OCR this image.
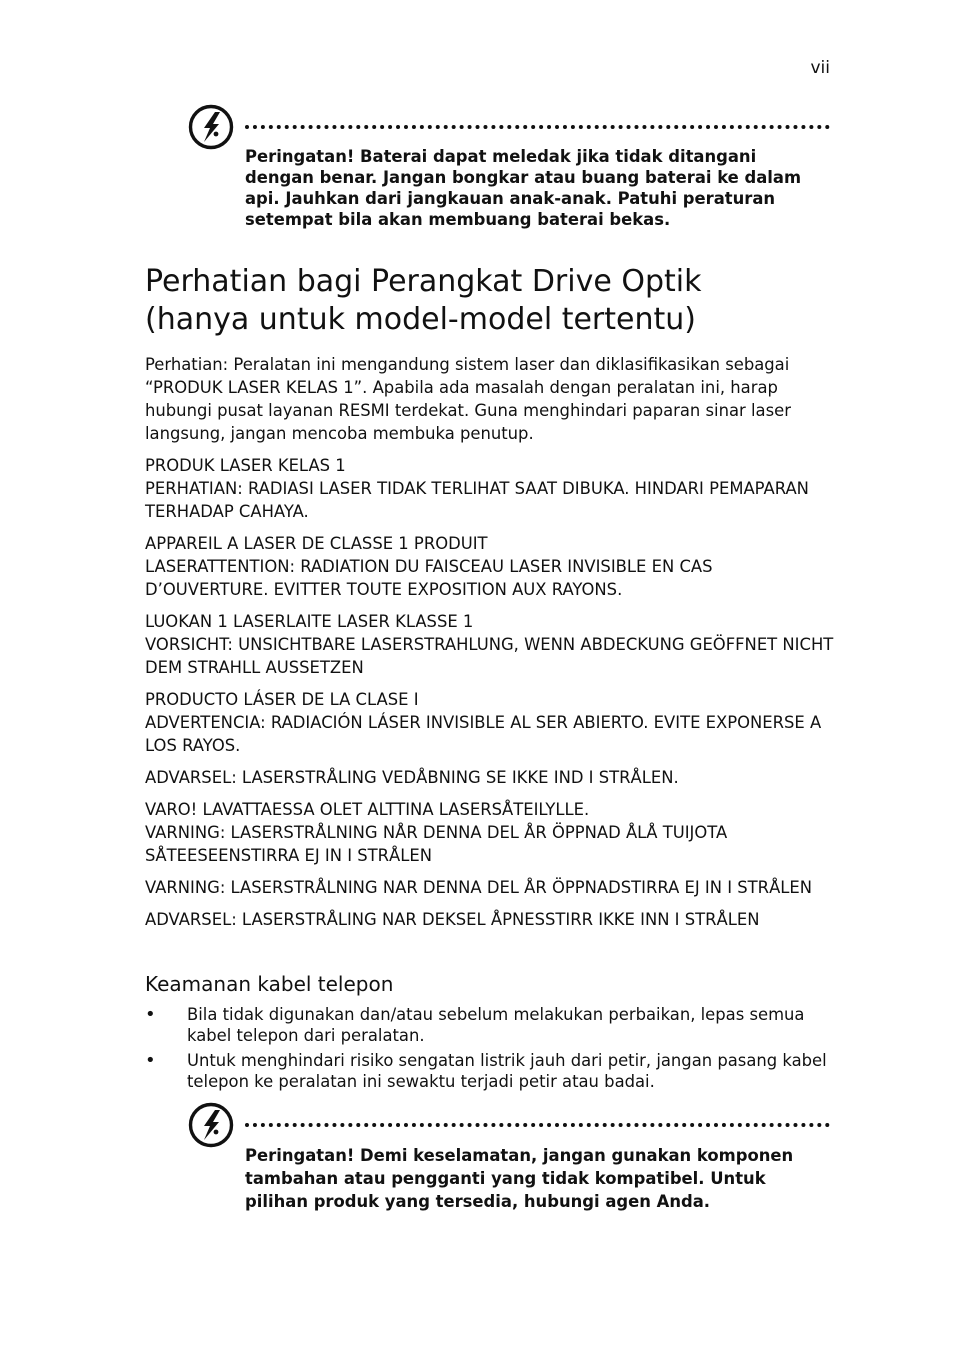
vii
Peringatan! Baterai dapat meledak jika tidak ditangani dengan benar. Jangan bongkar atau buang baterai ke dalam api. Jauhkan dari jangkauan anak-anak. Patuhi peraturan setempat bila akan membuang baterai bekas.
Perhatian bagi Perangkat Drive Optik
(hanya untuk model-model tertentu)

Perhatian: Peralatan ini mengandung sistem laser dan diklasifikasikan sebagai “PRODUK LASER KELAS 1”. Apabila ada masalah dengan peralatan ini, harap hubungi pusat layanan RESMI terdekat. Guna menghindari paparan sinar laser langsung, jangan mencoba membuka penutup.

PRODUK LASER KELAS 1
PERHATIAN: RADIASI LASER TIDAK TERLIHAT SAAT DIBUKA. HINDARI PEMAPARAN TERHADAP CAHAYA.

APPAREIL A LASER DE CLASSE 1 PRODUIT
LASERATTENTION: RADIATION DU FAISCEAU LASER INVISIBLE EN CAS D’OUVERTURE. EVITTER TOUTE EXPOSITION AUX RAYONS.

LUOKAN 1 LASERLAITE LASER KLASSE 1
VORSICHT: UNSICHTBARE LASERSTRAHLUNG, WENN ABDECKUNG GEÖFFNET NICHT DEM STRAHLL AUSSETZEN

PRODUCTO LÁSER DE LA CLASE I
ADVERTENCIA: RADIACIÓN LÁSER INVISIBLE AL SER ABIERTO. EVITE EXPONERSE A LOS RAYOS.

ADVARSEL: LASERSTRÅLING VEDÅBNING SE IKKE IND I STRÅLEN.

VARO! LAVATTAESSA OLET ALTTINA LASERSÅTEILYLLE.
VARNING: LASERSTRÅLNING NÅR DENNA DEL ÅR ÖPPNAD ÅLÅ TUIJOTA SÅTEESEENSTIRRA EJ IN I STRÅLEN

VARNING: LASERSTRÅLNING NAR DENNA DEL ÅR ÖPPNADSTIRRA EJ IN I STRÅLEN

ADVARSEL: LASERSTRÅLING NAR DEKSEL ÅPNESSTIRR IKKE INN I STRÅLEN

Keamanan kabel telepon
• Bila tidak digunakan dan/atau sebelum melakukan perbaikan, lepas semua kabel telepon dari peralatan.
• Untuk menghindari risiko sengatan listrik jauh dari petir, jangan pasang kabel telepon ke peralatan ini sewaktu terjadi petir atau badai.
Peringatan! Demi keselamatan, jangan gunakan komponen tambahan atau pengganti yang tidak kompatibel. Untuk pilihan produk yang tersedia, hubungi agen Anda.
